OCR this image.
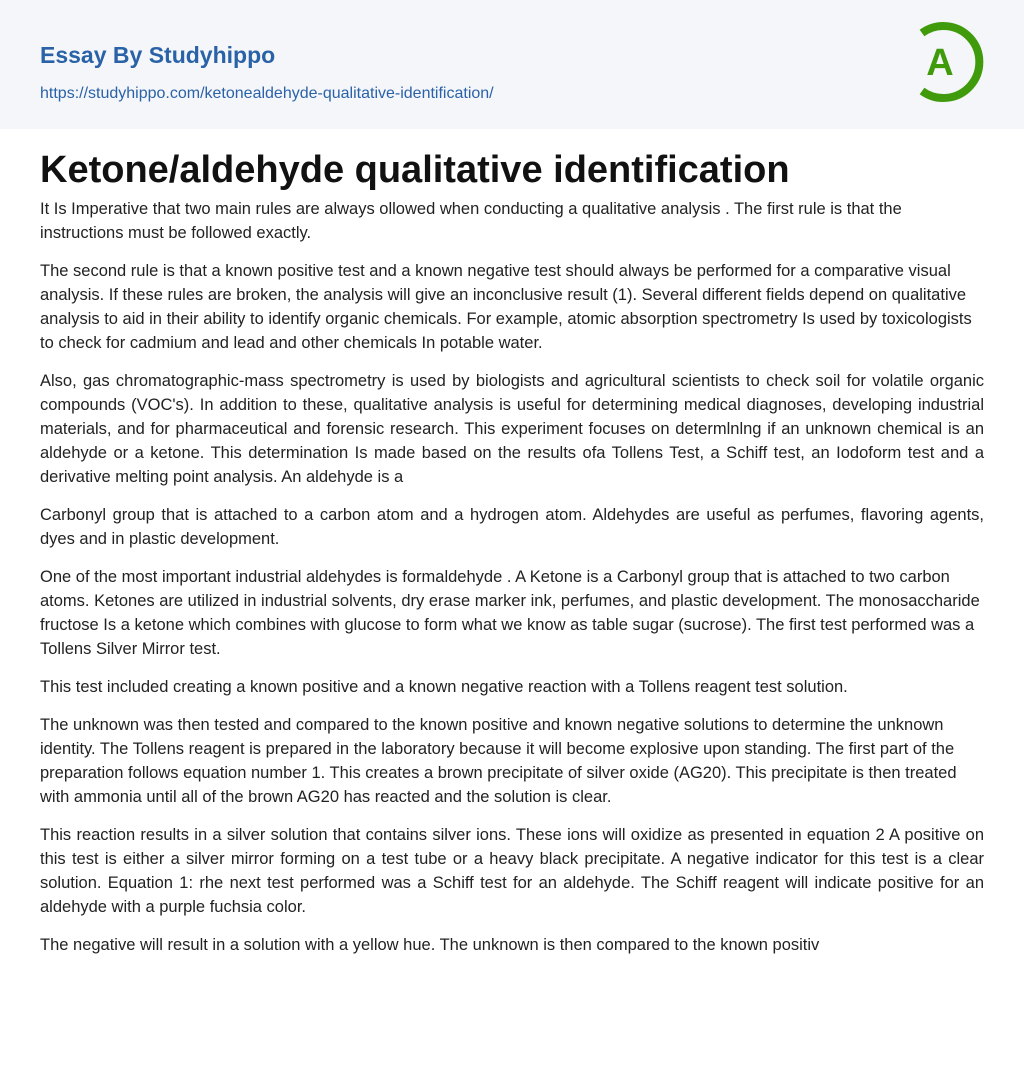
Essay By Studyhippo
https://studyhippo.com/ketonealdehyde-qualitative-identification/
A
Ketone/aldehyde qualitative identification

It Is Imperative that two main rules are always ollowed when conducting a qualitative analysis . The first rule is that the instructions must be followed exactly.

The second rule is that a known positive test and a known negative test should always be performed for a comparative visual analysis. If these rules are broken, the analysis will give an inconclusive result (1). Several different fields depend on qualitative analysis to aid in their ability to identify organic chemicals. For example, atomic absorption spectrometry Is used by toxicologists to check for cadmium and lead and other chemicals In potable water.

Also, gas chromatographic-mass spectrometry is used by biologists and agricultural scientists to check soil for volatile organic compounds (VOC's). In addition to these, qualitative analysis is useful for determining medical diagnoses, developing industrial materials, and for pharmaceutical and forensic research. This experiment focuses on determlnlng if an unknown chemical is an aldehyde or a ketone. This determination Is made based on the results ofa Tollens Test, a Schiff test, an Iodoform test and a derivative melting point analysis. An aldehyde is a

Carbonyl group that is attached to a carbon atom and a hydrogen atom. Aldehydes are useful as perfumes, flavoring agents, dyes and in plastic development.

One of the most important industrial aldehydes is formaldehyde . A Ketone is a Carbonyl group that is attached to two carbon atoms. Ketones are utilized in industrial solvents, dry erase marker ink, perfumes, and plastic development. The monosaccharide fructose Is a ketone which combines with glucose to form what we know as table sugar (sucrose). The first test performed was a Tollens Silver Mirror test.

This test included creating a known positive and a known negative reaction with a Tollens reagent test solution.

The unknown was then tested and compared to the known positive and known negative solutions to determine the unknown identity. The Tollens reagent is prepared in the laboratory because it will become explosive upon standing. The first part of the preparation follows equation number 1. This creates a brown precipitate of silver oxide (AG20). This precipitate is then treated with ammonia until all of the brown AG20 has reacted and the solution is clear.

This reaction results in a silver solution that contains silver ions. These ions will oxidize as presented in equation 2 A positive on this test is either a silver mirror forming on a test tube or a heavy black precipitate. A negative indicator for this test is a clear solution. Equation 1: rhe next test performed was a Schiff test for an aldehyde. The Schiff reagent will indicate positive for an aldehyde with a purple fuchsia color.

The negative will result in a solution with a yellow hue. The unknown is then compared to the known positiv
